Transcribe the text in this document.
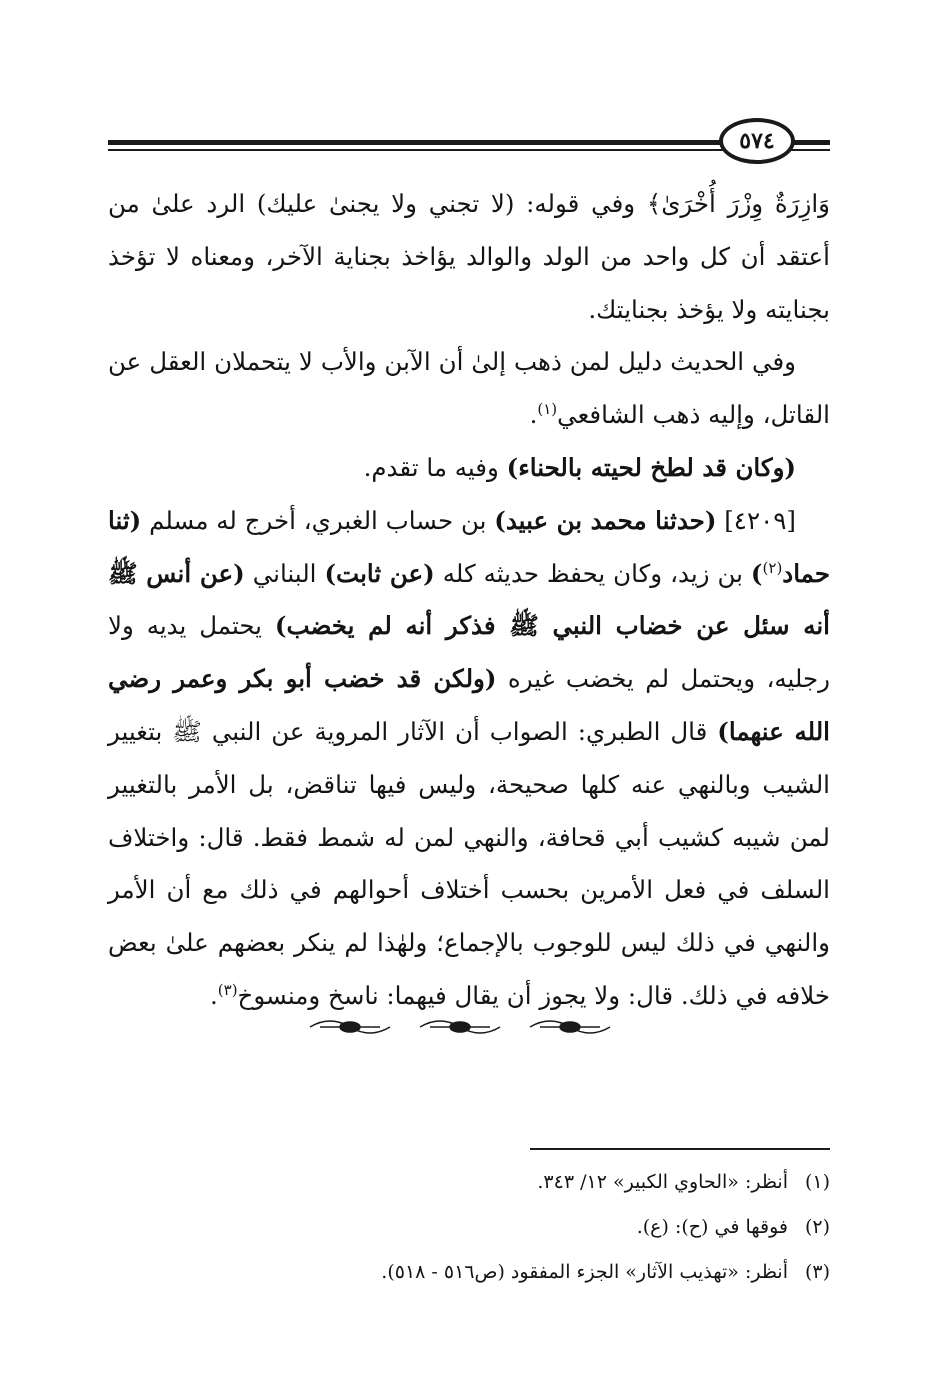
٥٧٤

وَازِرَةٌ وِزْرَ أُخْرَىٰ﴾ وفي قوله: (لا تجني ولا يجنىٰ عليك) الرد علىٰ من أعتقد أن كل واحد من الولد والوالد يؤاخذ بجناية الآخر، ومعناه لا تؤخذ بجنايته ولا يؤخذ بجنايتك.

وفي الحديث دليل لمن ذهب إلىٰ أن الآبن والأب لا يتحملان العقل عن القاتل، وإليه ذهب الشافعي$^{(١)}$.

(وكان قد لطخ لحيته بالحناء) وفيه ما تقدم.

[٤٢٠٩] (حدثنا محمد بن عبيد) بن حساب الغبري، أخرج له مسلم (ثنا حماد$^{(٢)}$) بن زيد، وكان يحفظ حديثه كله (عن ثابت) البناني (عن أنس ﷺ أنه سئل عن خضاب النبي ﷺ فذكر أنه لم يخضب) يحتمل يديه ولا رجليه، ويحتمل لم يخضب غيره (ولكن قد خضب أبو بكر وعمر رضي الله عنهما) قال الطبري: الصواب أن الآثار المروية عن النبي ﷺ بتغيير الشيب وبالنهي عنه كلها صحيحة، وليس فيها تناقض، بل الأمر بالتغيير لمن شيبه كشيب أبي قحافة، والنهي لمن له شمط فقط. قال: واختلاف السلف في فعل الأمرين بحسب أختلاف أحوالهم في ذلك مع أن الأمر والنهي في ذلك ليس للوجوب بالإجماع؛ ولهٰذا لم ينكر بعضهم علىٰ بعض خلافه في ذلك. قال: ولا يجوز أن يقال فيهما: ناسخ ومنسوخ$^{(٣)}$.

(١)
أنظر: «الحاوي الكبير» ١٢/ ٣٤٣.
(٢)
فوقها في (ح): (ع).
(٣)
أنظر: «تهذيب الآثار» الجزء المفقود (ص٥١٦ - ٥١٨).
